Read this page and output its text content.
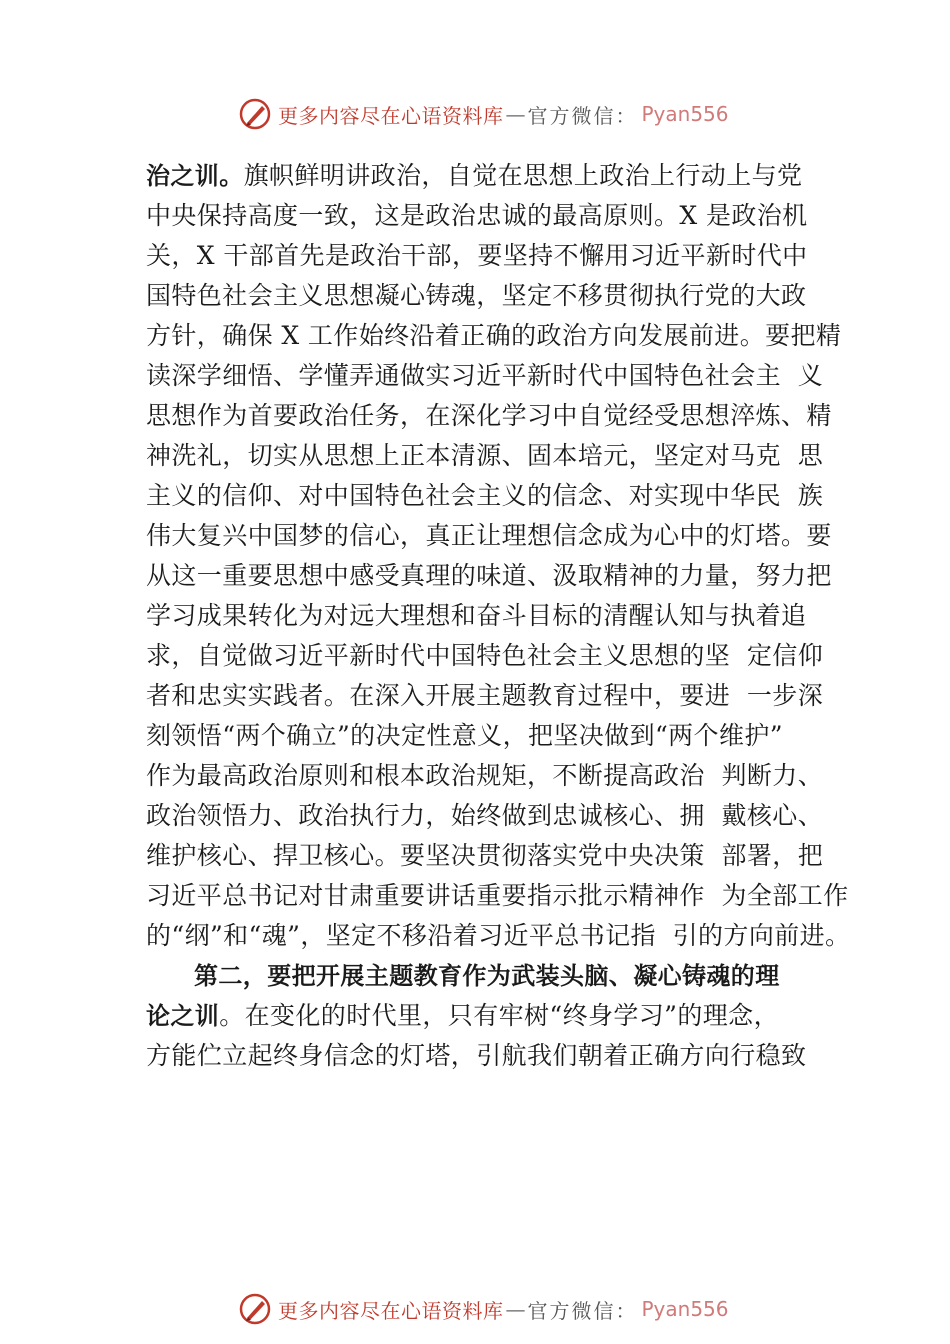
更多内容尽在心语资料库 — 官方微信： Pyan556
治之训。旗帜鲜明讲政治，自觉在思想上政治上行动上与党
中央保持高度一致，这是政治忠诚的最高原则。X 是政治机
关，X 干部首先是政治干部，要坚持不懈用习近平新时代中
国特色社会主义思想凝心铸魂，坚定不移贯彻执行党的大政
方针，确保 X 工作始终沿着正确的政治方向发展前进。要把精
读深学细悟、学懂弄通做实习近平新时代中国特色社会主  义
思想作为首要政治任务，在深化学习中自觉经受思想淬炼、精
神洗礼，切实从思想上正本清源、固本培元，坚定对马克  思
主义的信仰、对中国特色社会主义的信念、对实现中华民  族
伟大复兴中国梦的信心，真正让理想信念成为心中的灯塔。要
从这一重要思想中感受真理的味道、汲取精神的力量，努力把
学习成果转化为对远大理想和奋斗目标的清醒认知与执着追
求，自觉做习近平新时代中国特色社会主义思想的坚  定信仰
者和忠实实践者。在深入开展主题教育过程中，要进  一步深
刻领悟“两个确立”的决定性意义，把坚决做到“两个维护”
作为最高政治原则和根本政治规矩，不断提高政治  判断力、
政治领悟力、政治执行力，始终做到忠诚核心、拥  戴核心、
维护核心、捍卫核心。要坚决贯彻落实党中央决策  部署，把
习近平总书记对甘肃重要讲话重要指示批示精神作  为全部工作
的“纲”和“魂”，坚定不移沿着习近平总书记指  引的方向前进。
第二，要把开展主题教育作为武装头脑、凝心铸魂的理
论之训。在变化的时代里，只有牢树“终身学习”的理念，
方能伫立起终身信念的灯塔，引航我们朝着正确方向行稳致
更多内容尽在心语资料库 — 官方微信： Pyan556
